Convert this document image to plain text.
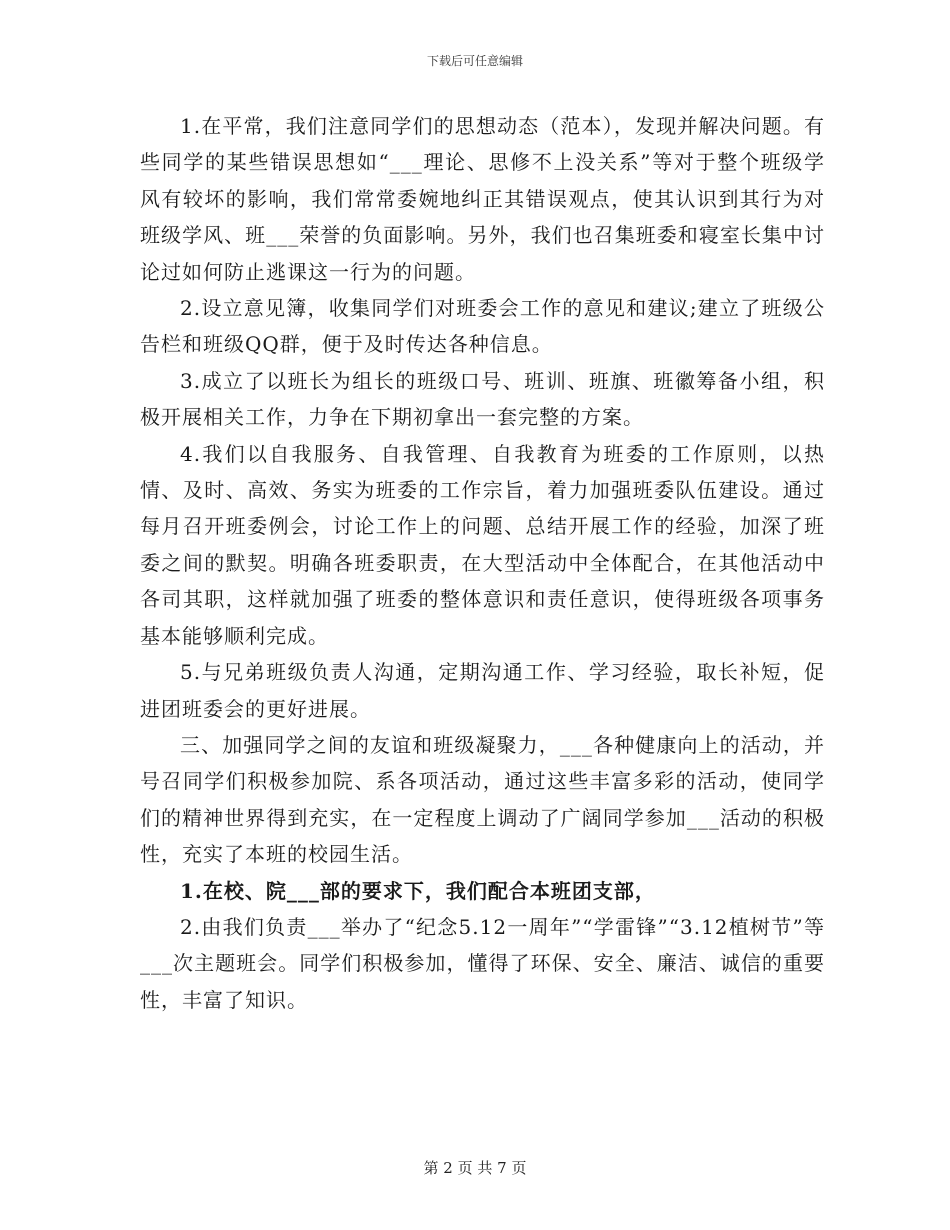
下载后可任意编辑

1.在平常，我们注意同学们的思想动态（范本），发现并解决问题。有些同学的某些错误思想如“___理论、思修不上没关系”等对于整个班级学风有较坏的影响，我们常常委婉地纠正其错误观点，使其认识到其行为对班级学风、班___荣誉的负面影响。另外，我们也召集班委和寝室长集中讨论过如何防止逃课这一行为的问题。

2.设立意见簿，收集同学们对班委会工作的意见和建议;建立了班级公告栏和班级QQ群，便于及时传达各种信息。

3.成立了以班长为组长的班级口号、班训、班旗、班徽筹备小组，积极开展相关工作，力争在下期初拿出一套完整的方案。

4.我们以自我服务、自我管理、自我教育为班委的工作原则，以热情、及时、高效、务实为班委的工作宗旨，着力加强班委队伍建设。通过每月召开班委例会，讨论工作上的问题、总结开展工作的经验，加深了班委之间的默契。明确各班委职责，在大型活动中全体配合，在其他活动中各司其职，这样就加强了班委的整体意识和责任意识，使得班级各项事务基本能够顺利完成。

5.与兄弟班级负责人沟通，定期沟通工作、学习经验，取长补短，促进团班委会的更好进展。

三、加强同学之间的友谊和班级凝聚力，___各种健康向上的活动，并号召同学们积极参加院、系各项活动，通过这些丰富多彩的活动，使同学们的精神世界得到充实，在一定程度上调动了广阔同学参加___活动的积极性，充实了本班的校园生活。

1.在校、院___部的要求下，我们配合本班团支部，

2.由我们负责___举办了“纪念5.12一周年”“学雷锋”“3.12植树节”等___次主题班会。同学们积极参加，懂得了环保、安全、廉洁、诚信的重要性，丰富了知识。

第 2 页 共 7 页
